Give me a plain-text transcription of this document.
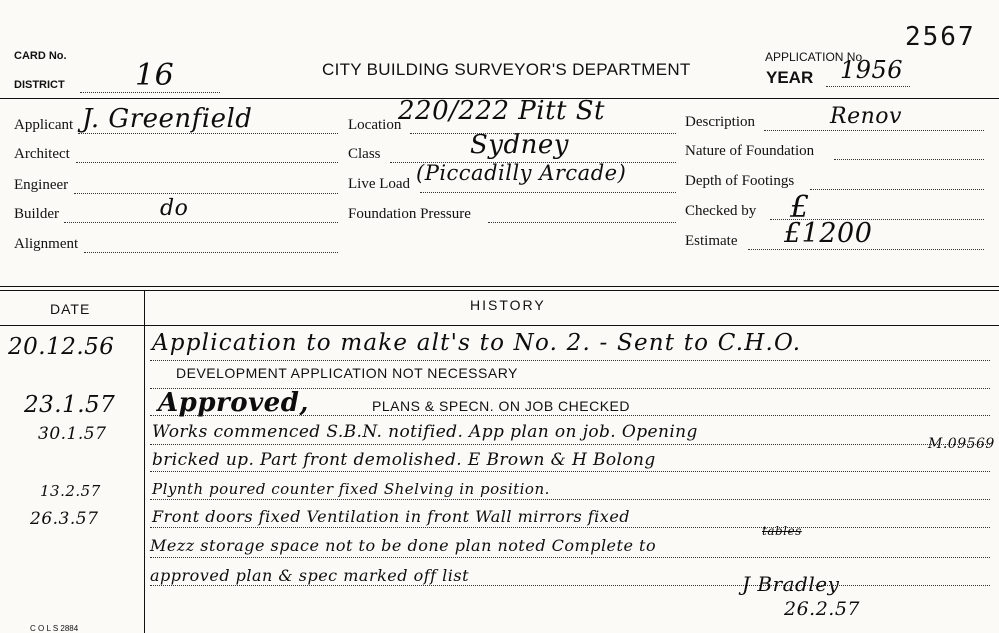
CARD No.
DISTRICT 16	CITY BUILDING SURVEYOR'S DEPARTMENT
APPLICATION No.
2567
YEAR 1956
Applicant J. Greenfield
Architect
Engineer
Builder	do
Alignment
Location
220/222 Pitt St
Class	Sydney
Live Load (Piccadilly Arcade)
Foundation Pressure
Description	Renov
Nature of Foundation
Depth of Footings
Checked by £
Estimate £1200
DATE	HISTORY
20.12.56 Application to make alt's to No. 2. - Sent to C.H.O.
DEVELOPMENT APPLICATION NOT NECESSARY
23.1.57 Approved,	PLANS & SPECN. ON JOB CHECKED
30.1.57	Works commenced S.B.N. notified. App plan on job. Opening
M.09569
bricked up. Part front demolished. E Brown & H Bolong
13.2.57	Plynth poured counter fixed Shelving in position.
26.3.57	Front doors fixed Ventilation in front Wall mirrors fixed
tables
Mezz storage space not to be done plan noted Complete to
approved plan & spec marked off list	J Bradley
26.2.57
C O L S 2884
